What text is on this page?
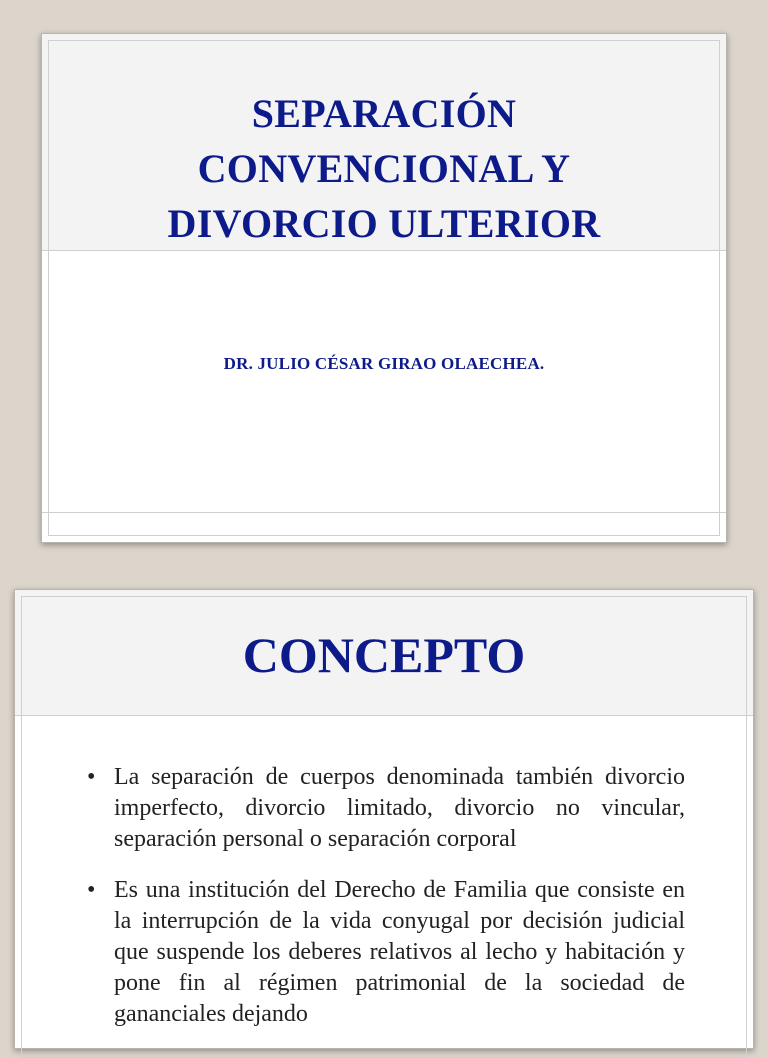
SEPARACIÓN
CONVENCIONAL Y
DIVORCIO ULTERIOR
DR. JULIO CÉSAR GIRAO OLAECHEA.
CONCEPTO
• La separación de cuerpos denominada también divorcio imperfecto, divorcio limitado, divorcio no vincular, separación personal o separación corporal
• Es una institución del Derecho de Familia que consiste en la interrupción de la vida conyugal por decisión judicial que suspende los deberes relativos al lecho y habitación y pone fin al régimen patrimonial de la sociedad de gananciales dejando
